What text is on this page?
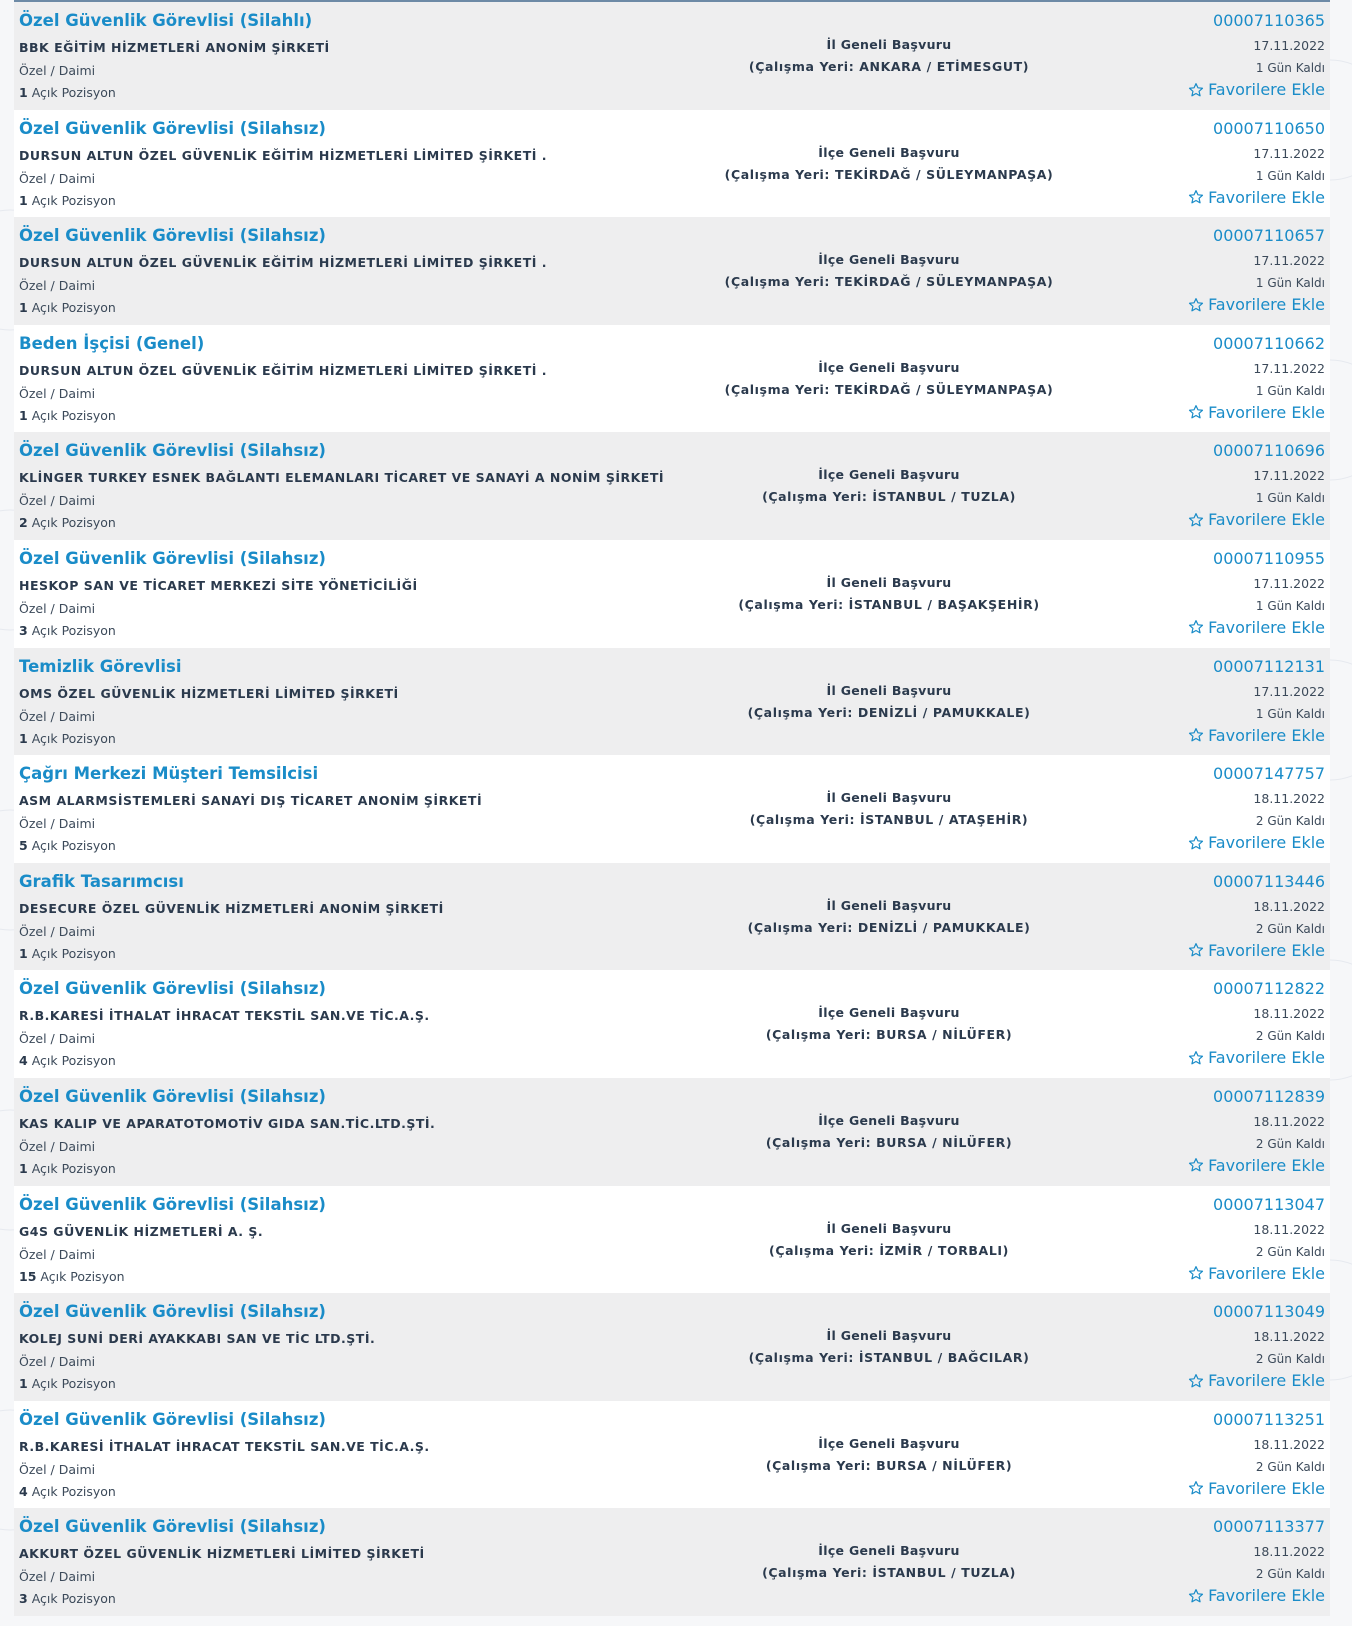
Özel Güvenlik Görevlisi (Silahlı)
BBK EĞİTİM HİZMETLERİ ANONİM ŞİRKETİ
Özel / Daimi
1 Açık Pozisyon
İl Geneli Başvuru
(Çalışma Yeri: ANKARA / ETİMESGUT)
00007110365
17.11.2022
1 Gün Kaldı
Favorilere Ekle
Özel Güvenlik Görevlisi (Silahsız)
DURSUN ALTUN ÖZEL GÜVENLİK EĞİTİM HİZMETLERİ LİMİTED ŞİRKETİ .
Özel / Daimi
1 Açık Pozisyon
İlçe Geneli Başvuru
(Çalışma Yeri: TEKİRDAĞ / SÜLEYMANPAŞA)
00007110650
17.11.2022
1 Gün Kaldı
Favorilere Ekle
Özel Güvenlik Görevlisi (Silahsız)
DURSUN ALTUN ÖZEL GÜVENLİK EĞİTİM HİZMETLERİ LİMİTED ŞİRKETİ .
Özel / Daimi
1 Açık Pozisyon
İlçe Geneli Başvuru
(Çalışma Yeri: TEKİRDAĞ / SÜLEYMANPAŞA)
00007110657
17.11.2022
1 Gün Kaldı
Favorilere Ekle
Beden İşçisi (Genel)
DURSUN ALTUN ÖZEL GÜVENLİK EĞİTİM HİZMETLERİ LİMİTED ŞİRKETİ .
Özel / Daimi
1 Açık Pozisyon
İlçe Geneli Başvuru
(Çalışma Yeri: TEKİRDAĞ / SÜLEYMANPAŞA)
00007110662
17.11.2022
1 Gün Kaldı
Favorilere Ekle
Özel Güvenlik Görevlisi (Silahsız)
KLİNGER TURKEY ESNEK BAĞLANTI ELEMANLARI TİCARET VE SANAYİ A NONİM ŞİRKETİ
Özel / Daimi
2 Açık Pozisyon
İlçe Geneli Başvuru
(Çalışma Yeri: İSTANBUL / TUZLA)
00007110696
17.11.2022
1 Gün Kaldı
Favorilere Ekle
Özel Güvenlik Görevlisi (Silahsız)
HESKOP SAN VE TİCARET MERKEZİ SİTE YÖNETİCİLİĞİ
Özel / Daimi
3 Açık Pozisyon
İl Geneli Başvuru
(Çalışma Yeri: İSTANBUL / BAŞAKŞEHİR)
00007110955
17.11.2022
1 Gün Kaldı
Favorilere Ekle
Temizlik Görevlisi
OMS ÖZEL GÜVENLİK HİZMETLERİ LİMİTED ŞİRKETİ
Özel / Daimi
1 Açık Pozisyon
İl Geneli Başvuru
(Çalışma Yeri: DENİZLİ / PAMUKKALE)
00007112131
17.11.2022
1 Gün Kaldı
Favorilere Ekle
Çağrı Merkezi Müşteri Temsilcisi
ASM ALARMSİSTEMLERİ SANAYİ DIŞ TİCARET ANONİM ŞİRKETİ
Özel / Daimi
5 Açık Pozisyon
İl Geneli Başvuru
(Çalışma Yeri: İSTANBUL / ATAŞEHİR)
00007147757
18.11.2022
2 Gün Kaldı
Favorilere Ekle
Grafik Tasarımcısı
DESECURE ÖZEL GÜVENLİK HİZMETLERİ ANONİM ŞİRKETİ
Özel / Daimi
1 Açık Pozisyon
İl Geneli Başvuru
(Çalışma Yeri: DENİZLİ / PAMUKKALE)
00007113446
18.11.2022
2 Gün Kaldı
Favorilere Ekle
Özel Güvenlik Görevlisi (Silahsız)
R.B.KARESİ İTHALAT İHRACAT TEKSTİL SAN.VE TİC.A.Ş.
Özel / Daimi
4 Açık Pozisyon
İlçe Geneli Başvuru
(Çalışma Yeri: BURSA / NİLÜFER)
00007112822
18.11.2022
2 Gün Kaldı
Favorilere Ekle
Özel Güvenlik Görevlisi (Silahsız)
KAS KALIP VE APARATOTOMOTİV GIDA SAN.TİC.LTD.ŞTİ.
Özel / Daimi
1 Açık Pozisyon
İlçe Geneli Başvuru
(Çalışma Yeri: BURSA / NİLÜFER)
00007112839
18.11.2022
2 Gün Kaldı
Favorilere Ekle
Özel Güvenlik Görevlisi (Silahsız)
G4S GÜVENLİK HİZMETLERİ A. Ş.
Özel / Daimi
15 Açık Pozisyon
İl Geneli Başvuru
(Çalışma Yeri: İZMİR / TORBALI)
00007113047
18.11.2022
2 Gün Kaldı
Favorilere Ekle
Özel Güvenlik Görevlisi (Silahsız)
KOLEJ SUNİ DERİ AYAKKABI SAN VE TİC LTD.ŞTİ.
Özel / Daimi
1 Açık Pozisyon
İl Geneli Başvuru
(Çalışma Yeri: İSTANBUL / BAĞCILAR)
00007113049
18.11.2022
2 Gün Kaldı
Favorilere Ekle
Özel Güvenlik Görevlisi (Silahsız)
R.B.KARESİ İTHALAT İHRACAT TEKSTİL SAN.VE TİC.A.Ş.
Özel / Daimi
4 Açık Pozisyon
İlçe Geneli Başvuru
(Çalışma Yeri: BURSA / NİLÜFER)
00007113251
18.11.2022
2 Gün Kaldı
Favorilere Ekle
Özel Güvenlik Görevlisi (Silahsız)
AKKURT ÖZEL GÜVENLİK HİZMETLERİ LİMİTED ŞİRKETİ
Özel / Daimi
3 Açık Pozisyon
İlçe Geneli Başvuru
(Çalışma Yeri: İSTANBUL / TUZLA)
00007113377
18.11.2022
2 Gün Kaldı
Favorilere Ekle
